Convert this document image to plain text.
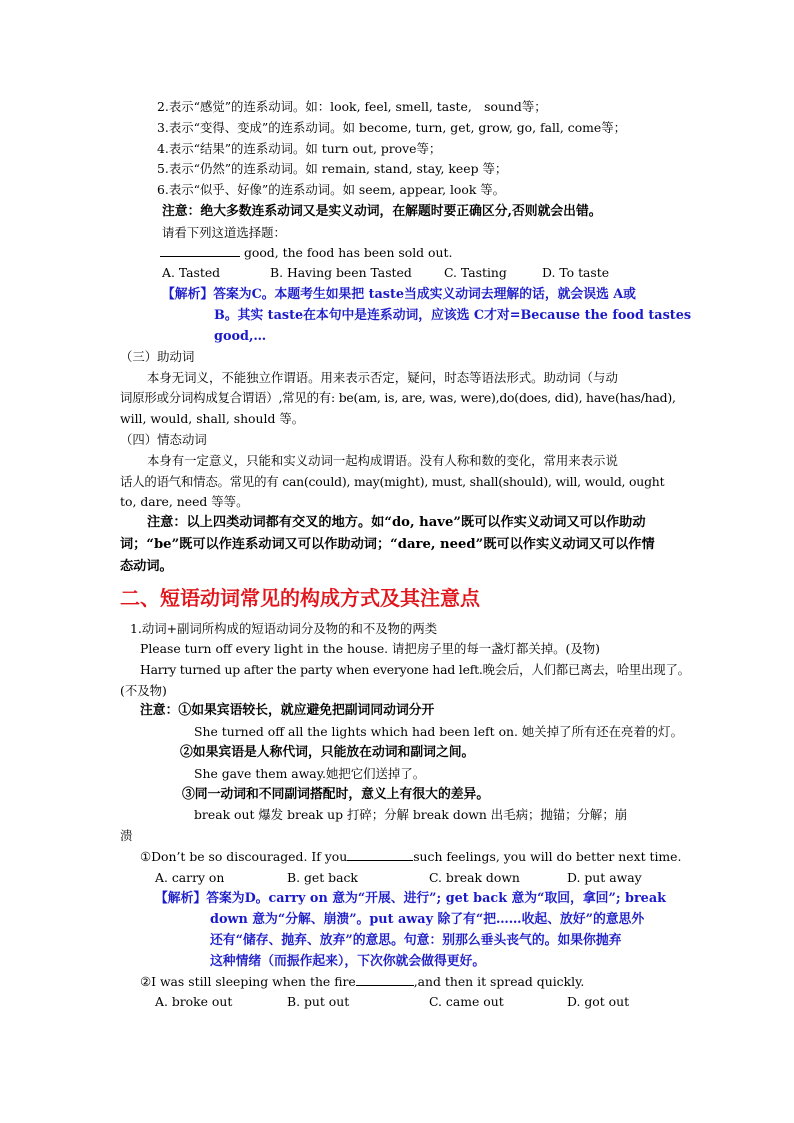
2.表示“感觉”的连系动词。如：look, feel, smell, taste,　sound等；
3.表示“变得、变成”的连系动词。如 become, turn, get, grow, go, fall, come等；
4.表示“结果”的连系动词。如 turn out, prove等；
5.表示“仍然”的连系动词。如 remain, stand, stay, keep 等；
6.表示“似乎、好像”的连系动词。如 seem, appear, look 等。
注意：绝大多数连系动词又是实义动词，在解题时要正确区分,否则就会出错。
请看下列这道选择题：
good, the food has been sold out.
A. Tasted	B. Having been Tasted	C. Tasting	D. To taste
【解析】答案为C。本题考生如果把 taste当成实义动词去理解的话，就会误选 A或
B。其实 taste在本句中是连系动词，应该选 C才对=Because the food tastes
good,…
（三）助动词
本身无词义，不能独立作谓语。用来表示否定，疑问，时态等语法形式。助动词（与动
词原形或分词构成复合谓语）,常见的有: be(am, is, are, was, were),do(does, did), have(has/had),
will, would, shall, should 等。
（四）情态动词
本身有一定意义，只能和实义动词一起构成谓语。没有人称和数的变化，常用来表示说
话人的语气和情态。常见的有 can(could), may(might), must, shall(should), will, would, ought
to, dare, need 等等。
注意：以上四类动词都有交叉的地方。如“do, have”既可以作实义动词又可以作助动
词；“be”既可以作连系动词又可以作助动词；“dare, need”既可以作实义动词又可以作情
态动词。
二、短语动词常见的构成方式及其注意点
1.动词+副词所构成的短语动词分及物的和不及物的两类
Please turn off every light in the house. 请把房子里的每一盏灯都关掉。(及物)
Harry turned up after the party when everyone had left.晚会后，人们都已离去，哈里出现了。
(不及物)
注意：①如果宾语较长，就应避免把副词同动词分开
She turned off all the lights which had been left on. 她关掉了所有还在亮着的灯。
②如果宾语是人称代词，只能放在动词和副词之间。
She gave them away.她把它们送掉了。
③同一动词和不同副词搭配时，意义上有很大的差异。
break out 爆发 break up 打碎；分解 break down 出毛病；抛锚；分解；崩
溃
①Don’t be so discouraged. If you	such feelings, you will do better next time.
A. carry on	B. get back	C. break down	D. put away
【解析】答案为D。carry on 意为“开展、进行”; get back 意为“取回，拿回”; break
down 意为“分解、崩溃”。put away 除了有“把……收起、放好”的意思外
还有“储存、抛弃、放弃”的意思。句意：别那么垂头丧气的。如果你抛弃
这种情绪（而振作起来），下次你就会做得更好。
②I was still sleeping when the fire	,and then it spread quickly.
A. broke out	B. put out	C. came out	D. got out
